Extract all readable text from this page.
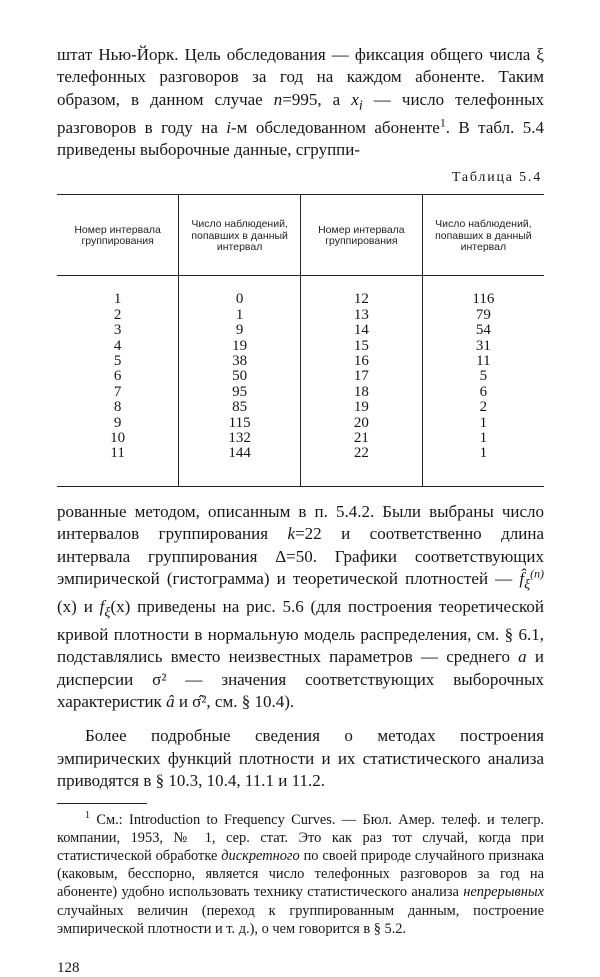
штат Нью-Йорк. Цель обследования — фиксация общего числа ξ телефонных разговоров за год на каждом абоненте. Таким образом, в данном случае n=995, а $x_i$ — число телефонных разговоров в году на i-м обследованном абоненте$^1$. В табл. 5.4 приведены выборочные данные, сгруппи-

Таблица 5.4
Номер интервала группирования	Число наблюдений, попавших в данный интервал	Номер интервала группирования	Число наблюдений, попавших в данный интервал
1	0	12	116
2	1	13	79
3	9	14	54
4	19	15	31
5	38	16	11
6	50	17	5
7	95	18	6
8	85	19	2
9	115	20	1
10	132	21	1
11	144	22	1

рованные методом, описанным в п. 5.4.2. Были выбраны число интервалов группирования k=22 и соответственно длина интервала группирования Δ=50. Графики соответствующих эмпирической (гистограмма) и теоретической плотностей — $f̂_\xi^{(n)}$ (x) и $f_\xi(x)$ приведены на рис. 5.6 (для построения теоретической кривой плотности в нормальную модель распределения, см. § 6.1, подставлялись вместо неизвестных параметров — среднего a и дисперсии σ² — значения соответствующих выборочных характеристик â и σ̂², см. § 10.4).

Более подробные сведения о методах построения эмпирических функций плотности и их статистического анализа приводятся в § 10.3, 10.4, 11.1 и 11.2.

$^1$ См.: Introduction to Frequency Curves. — Бюл. Амер. телеф. и телегр. компании, 1953, № 1, сер. стат. Это как раз тот случай, когда при статистической обработке дискретного по своей природе случайного признака (каковым, бесспорно, является число телефонных разговоров за год на абоненте) удобно использовать технику статистического анализа непрерывных случайных величин (переход к группированным данным, построение эмпирической плотности и т. д.), о чем говорится в § 5.2.

128
